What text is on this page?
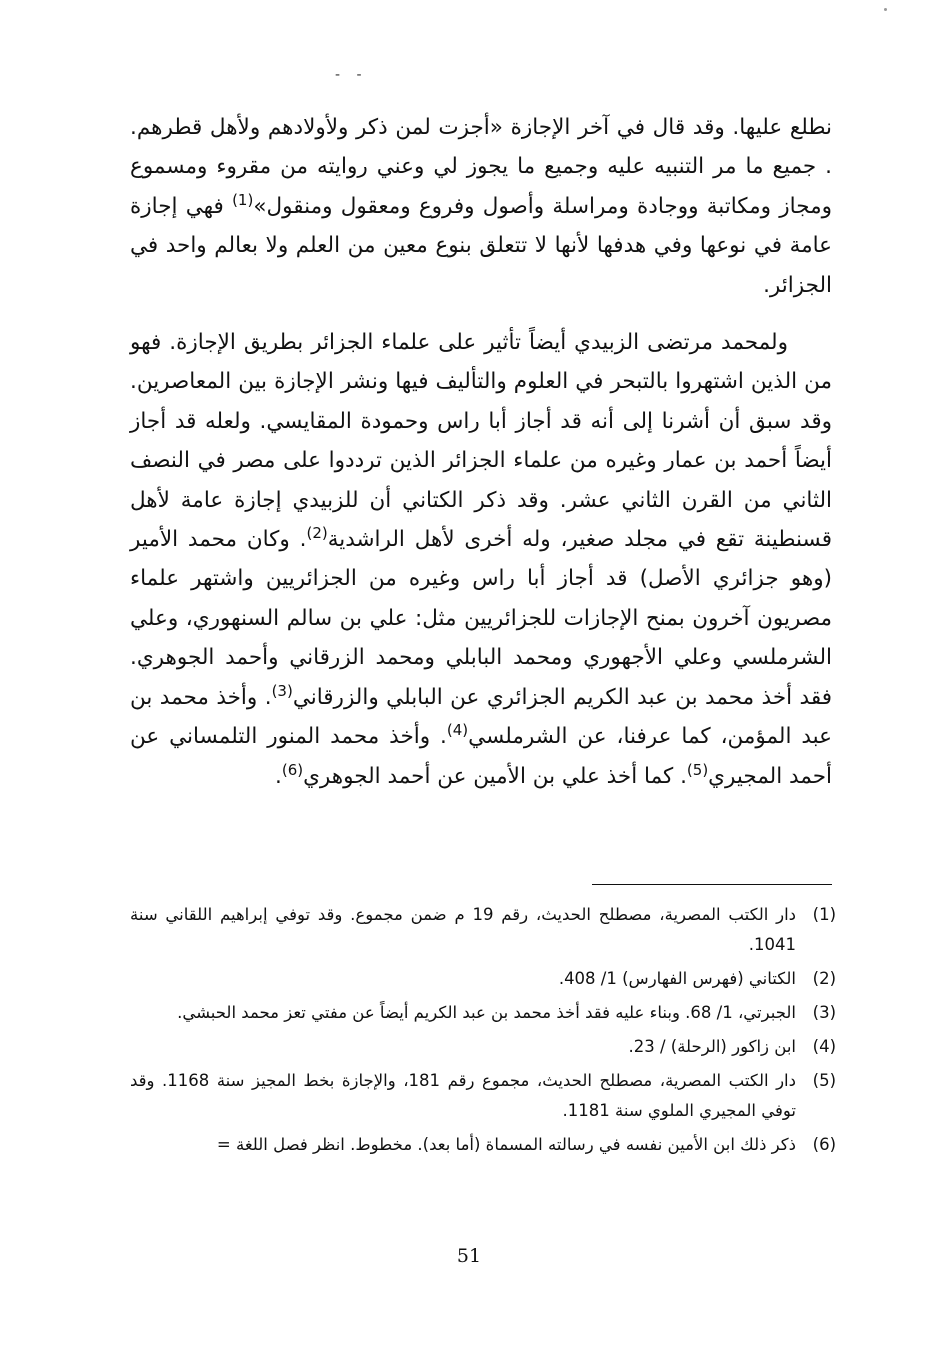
- -

نطلع عليها. وقد قال في آخر الإجازة «أجزت لمن ذكر ولأولادهم ولأهل قطرهم. . جميع ما مر التنبيه عليه وجميع ما يجوز لي وعني روايته من مقروء ومسموع ومجاز ومكاتبة ووجادة ومراسلة وأصول وفروع ومعقول ومنقول»$^{(1)}$ فهي إجازة عامة في نوعها وفي هدفها لأنها لا تتعلق بنوع معين من العلم ولا بعالم واحد في الجزائر.

ولمحمد مرتضى الزبيدي أيضاً تأثير على علماء الجزائر بطريق الإجازة. فهو من الذين اشتهروا بالتبحر في العلوم والتأليف فيها ونشر الإجازة بين المعاصرين. وقد سبق أن أشرنا إلى أنه قد أجاز أبا راس وحمودة المقايسي. ولعله قد أجاز أيضاً أحمد بن عمار وغيره من علماء الجزائر الذين ترددوا على مصر في النصف الثاني من القرن الثاني عشر. وقد ذكر الكتاني أن للزبيدي إجازة عامة لأهل قسنطينة تقع في مجلد صغير، وله أخرى لأهل الراشدية$^{(2)}$. وكان محمد الأمير (وهو جزائري الأصل) قد أجاز أبا راس وغيره من الجزائريين واشتهر علماء مصريون آخرون بمنح الإجازات للجزائريين مثل: علي بن سالم السنهوري، وعلي الشرملسي وعلي الأجهوري ومحمد البابلي ومحمد الزرقاني وأحمد الجوهري. فقد أخذ محمد بن عبد الكريم الجزائري عن البابلي والزرقاني$^{(3)}$. وأخذ محمد بن عبد المؤمن، كما عرفنا، عن الشرملسي$^{(4)}$. وأخذ محمد المنور التلمساني عن أحمد المجيري$^{(5)}$. كما أخذ علي بن الأمين عن أحمد الجوهري$^{(6)}$.

(1)
دار الكتب المصرية، مصطلح الحديث، رقم 19 م ضمن مجموع. وقد توفي إبراهيم اللقاني سنة 1041.
(2)
الكتاني (فهرس الفهارس) 1/ 408.
(3)
الجبرتي، 1/ 68. وبناء عليه فقد أخذ محمد بن عبد الكريم أيضاً عن مفتي تعز محمد الحبشي.
(4)
ابن زاكور (الرحلة) / 23.
(5)
دار الكتب المصرية، مصطلح الحديث، مجموع رقم 181، والإجازة بخط المجيز سنة 1168. وقد توفي المجيري الملوي سنة 1181.
(6)
ذكر ذلك ابن الأمين نفسه في رسالته المسماة (أما بعد). مخطوط. انظر فصل اللغة =
51
